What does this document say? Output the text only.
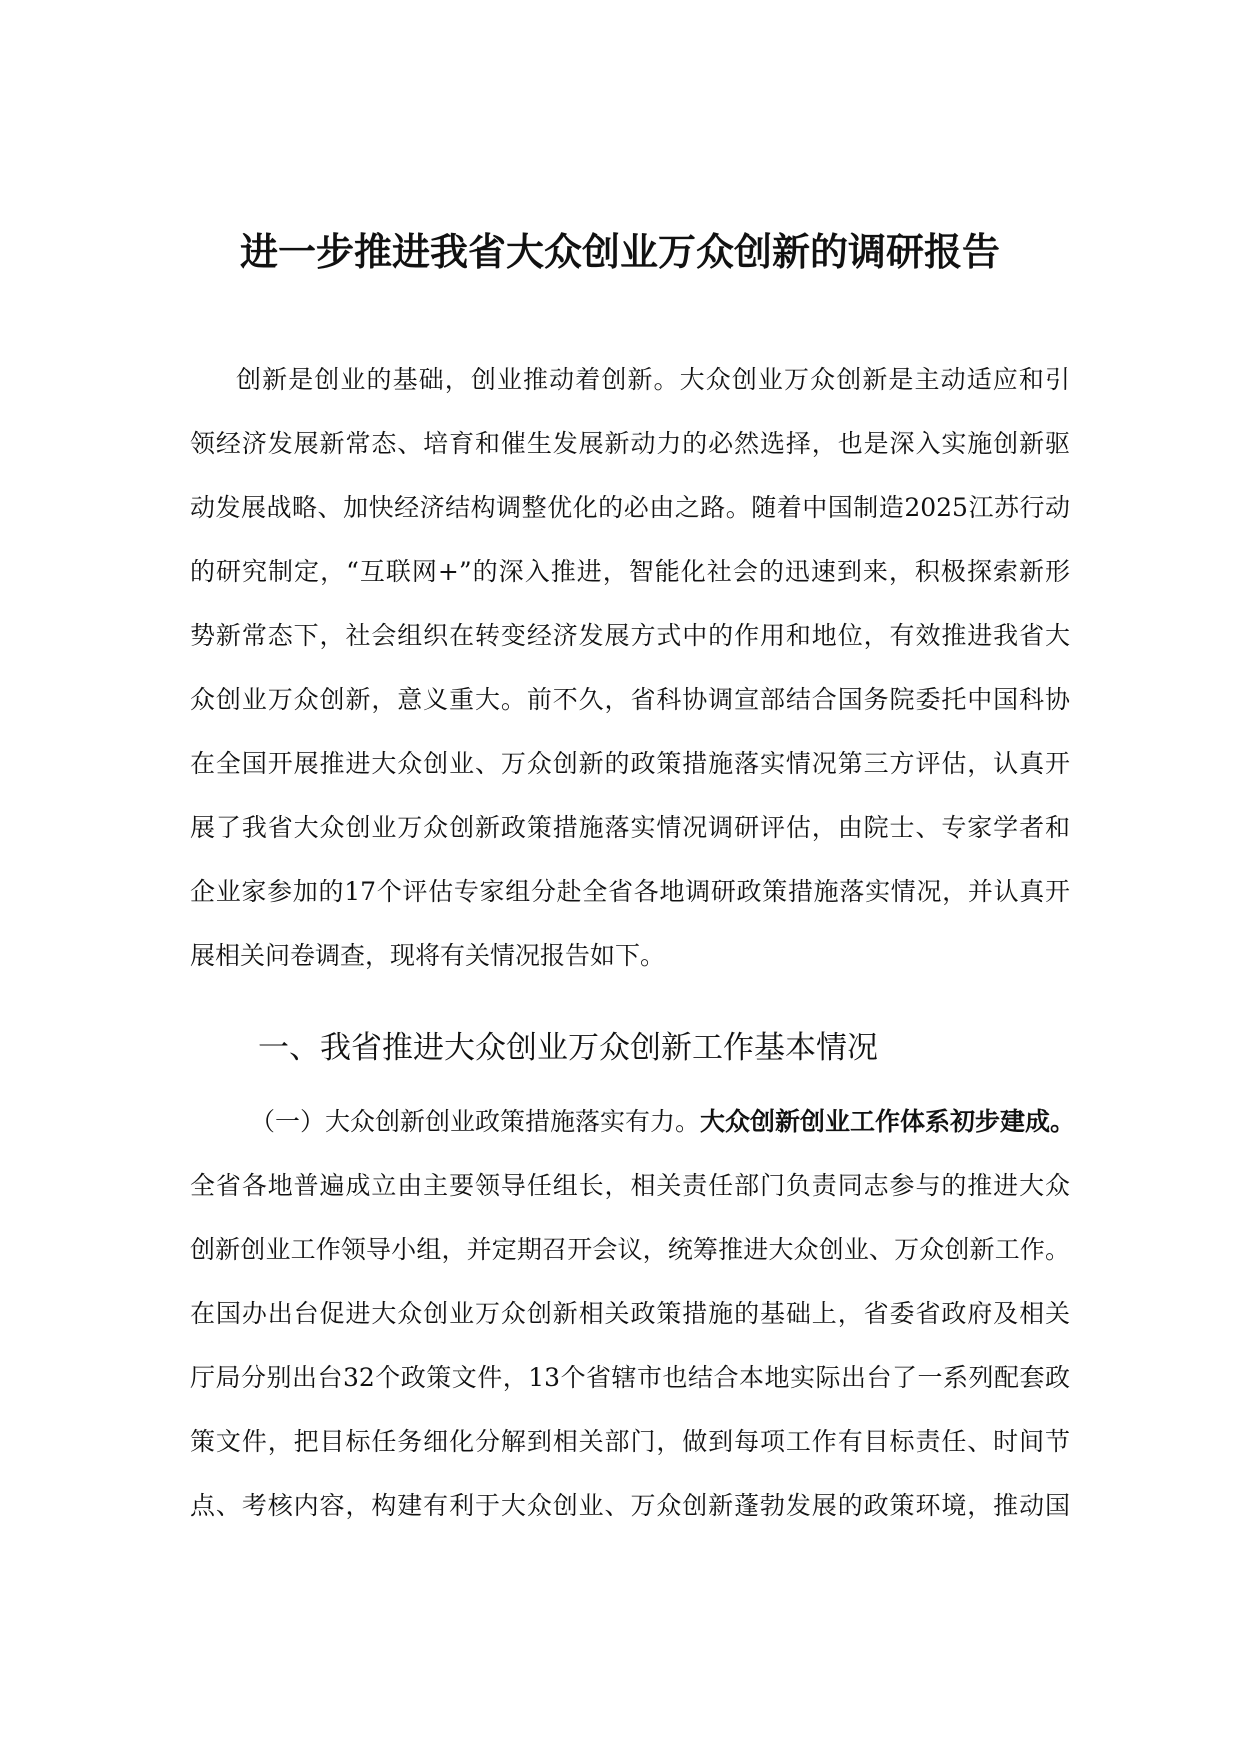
进一步推进我省大众创业万众创新的调研报告
创新是创业的基础，创业推动着创新。大众创业万众创新是主动适应和引
领经济发展新常态、培育和催生发展新动力的必然选择，也是深入实施创新驱
动发展战略、加快经济结构调整优化的必由之路。随着中国制造2025江苏行动
的研究制定，“互联网+”的深入推进，智能化社会的迅速到来，积极探索新形
势新常态下，社会组织在转变经济发展方式中的作用和地位，有效推进我省大
众创业万众创新，意义重大。前不久，省科协调宣部结合国务院委托中国科协
在全国开展推进大众创业、万众创新的政策措施落实情况第三方评估，认真开
展了我省大众创业万众创新政策措施落实情况调研评估，由院士、专家学者和
企业家参加的17个评估专家组分赴全省各地调研政策措施落实情况，并认真开
展相关问卷调查，现将有关情况报告如下。
一、我省推进大众创业万众创新工作基本情况
（一）大众创新创业政策措施落实有力。大众创新创业工作体系初步建成。
全省各地普遍成立由主要领导任组长，相关责任部门负责同志参与的推进大众
创新创业工作领导小组，并定期召开会议，统筹推进大众创业、万众创新工作。
在国办出台促进大众创业万众创新相关政策措施的基础上，省委省政府及相关
厅局分别出台32个政策文件，13个省辖市也结合本地实际出台了一系列配套政
策文件，把目标任务细化分解到相关部门，做到每项工作有目标责任、时间节
点、考核内容，构建有利于大众创业、万众创新蓬勃发展的政策环境，推动国
